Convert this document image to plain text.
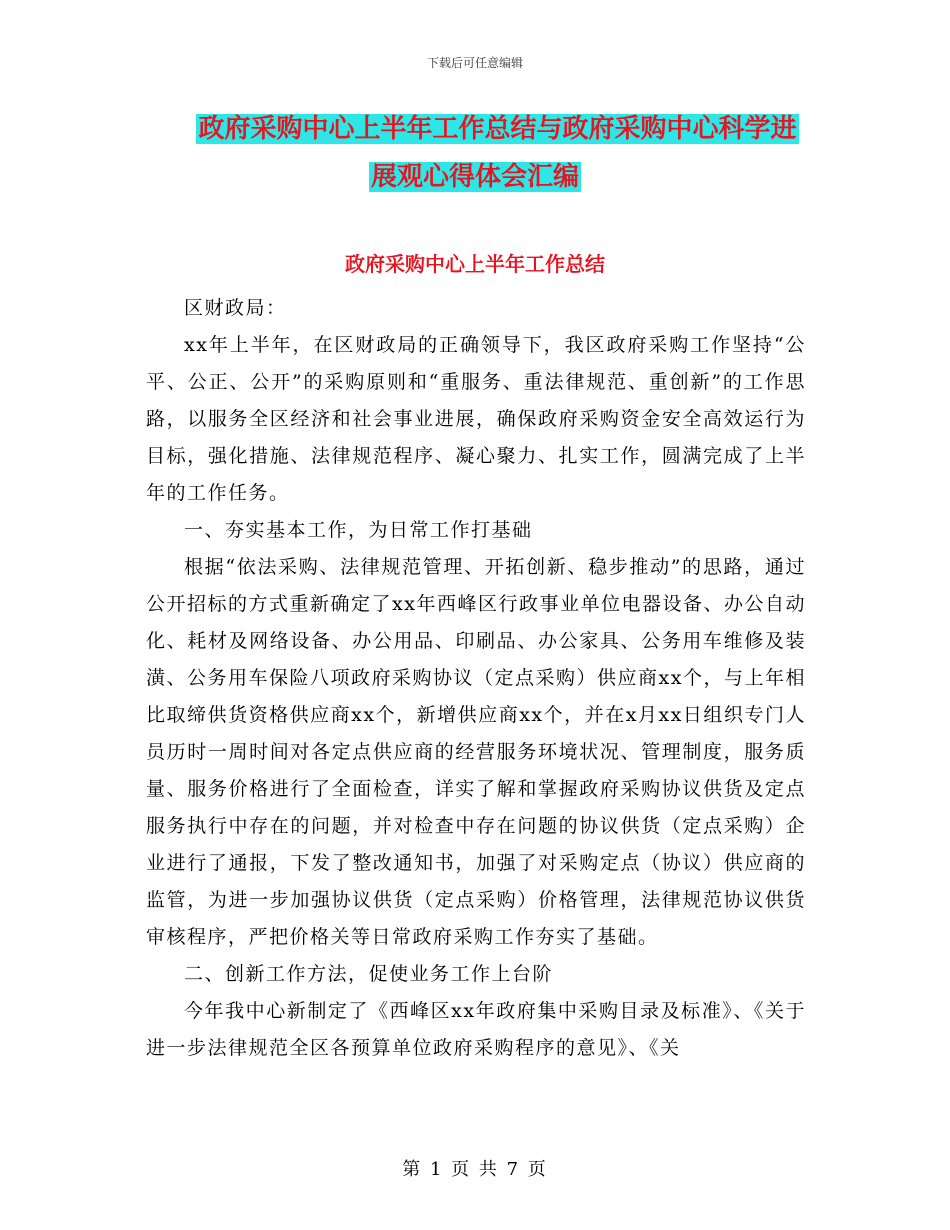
下载后可任意编辑
政府采购中心上半年工作总结与政府采购中心科学进
展观心得体会汇编
政府采购中心上半年工作总结

区财政局：

xx年上半年，在区财政局的正确领导下，我区政府采购工作坚持“公平、公正、公开”的采购原则和“重服务、重法律规范、重创新”的工作思路，以服务全区经济和社会事业进展，确保政府采购资金安全高效运行为目标，强化措施、法律规范程序、凝心聚力、扎实工作，圆满完成了上半年的工作任务。

一、夯实基本工作，为日常工作打基础

根据“依法采购、法律规范管理、开拓创新、稳步推动”的思路，通过公开招标的方式重新确定了xx年西峰区行政事业单位电器设备、办公自动化、耗材及网络设备、办公用品、印刷品、办公家具、公务用车维修及装潢、公务用车保险八项政府采购协议（定点采购）供应商xx个，与上年相比取缔供货资格供应商xx个，新增供应商xx个，并在x月xx日组织专门人员历时一周时间对各定点供应商的经营服务环境状况、管理制度，服务质量、服务价格进行了全面检查，详实了解和掌握政府采购协议供货及定点服务执行中存在的问题，并对检查中存在问题的协议供货（定点采购）企业进行了通报，下发了整改通知书，加强了对采购定点（协议）供应商的监管，为进一步加强协议供货（定点采购）价格管理，法律规范协议供货审核程序，严把价格关等日常政府采购工作夯实了基础。

二、创新工作方法，促使业务工作上台阶

今年我中心新制定了《西峰区xx年政府集中采购目录及标准》、《关于进一步法律规范全区各预算单位政府采购程序的意见》、《关

第 1 页 共 7 页
